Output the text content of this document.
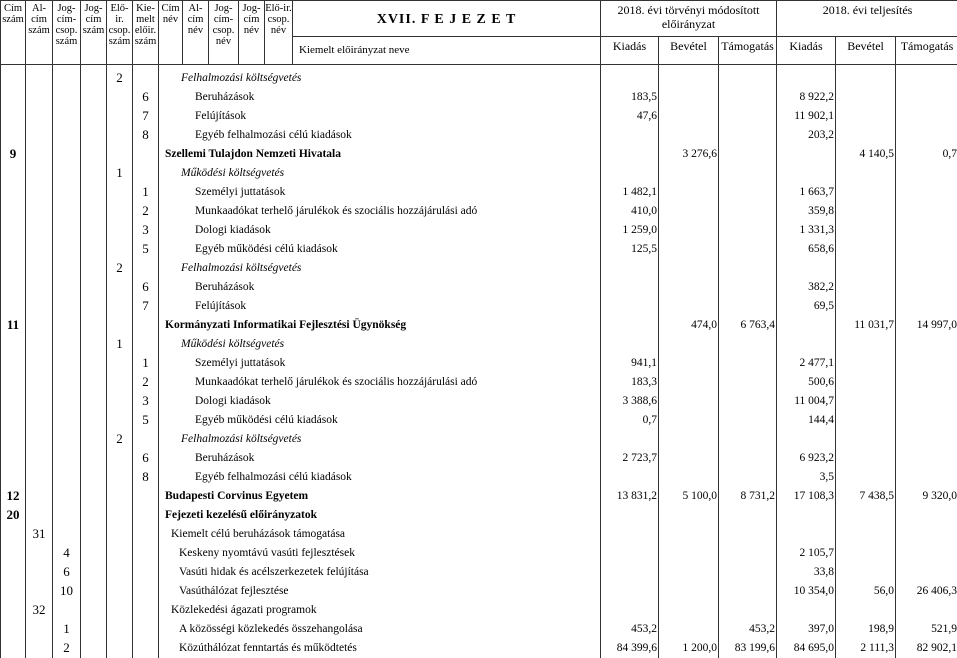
Cím szám	Al-cím szám	Jog-cím-csop. szám	Jog-cím szám	Elő-ir. csop. szám	Kie-melt előir. szám	Cím név	Al-cím név	Jog-cím-csop. név	Jog-cím név	Elő-ir. csop. név	XVII. F E J E Z E T	2018. évi törvényi módosított előirányzat			2018. évi teljesítés		
											Kiemelt előirányzat neve	Kiadás	Bevétel	Támogatás	Kiadás	Bevétel	Támogatás
				2		Felhalmozási költségvetés											
					6	Beruházások						183,5			8 922,2		
					7	Felújítások						47,6			11 902,1		
					8	Egyéb felhalmozási célú kiadások									203,2		
9						Szellemi Tulajdon Nemzeti Hivatala							3 276,6			4 140,5	0,7
				1		Működési költségvetés											
					1	Személyi juttatások						1 482,1			1 663,7		
					2	Munkaadókat terhelő járulékok és szociális hozzájárulási adó						410,0			359,8		
					3	Dologi kiadások						1 259,0			1 331,3		
					5	Egyéb működési célú kiadások						125,5			658,6		
				2		Felhalmozási költségvetés											
					6	Beruházások									382,2		
					7	Felújítások									69,5		
11						Kormányzati Informatikai Fejlesztési Ügynökség							474,0	6 763,4		11 031,7	14 997,0
				1		Működési költségvetés											
					1	Személyi juttatások						941,1			2 477,1		
					2	Munkaadókat terhelő járulékok és szociális hozzájárulási adó						183,3			500,6		
					3	Dologi kiadások						3 388,6			11 004,7		
					5	Egyéb működési célú kiadások						0,7			144,4		
				2		Felhalmozási költségvetés											
					6	Beruházások						2 723,7			6 923,2		
					8	Egyéb felhalmozási célú kiadások									3,5		
12						Budapesti Corvinus Egyetem						13 831,2	5 100,0	8 731,2	17 108,3	7 438,5	9 320,0
20						Fejezeti kezelésű előirányzatok											
	31					Kiemelt célú beruházások támogatása											
		4				Keskeny nyomtávú vasúti fejlesztések									2 105,7		
		6				Vasúti hidak és acélszerkezetek felújítása									33,8		
		10				Vasúthálózat fejlesztése									10 354,0	56,0	26 406,3
	32					Közlekedési ágazati programok											
		1				A közösségi közlekedés összehangolása						453,2		453,2	397,0	198,9	521,9
		2				Közúthálózat fenntartás és működtetés						84 399,6	1 200,0	83 199,6	84 695,0	2 111,3	82 902,1
